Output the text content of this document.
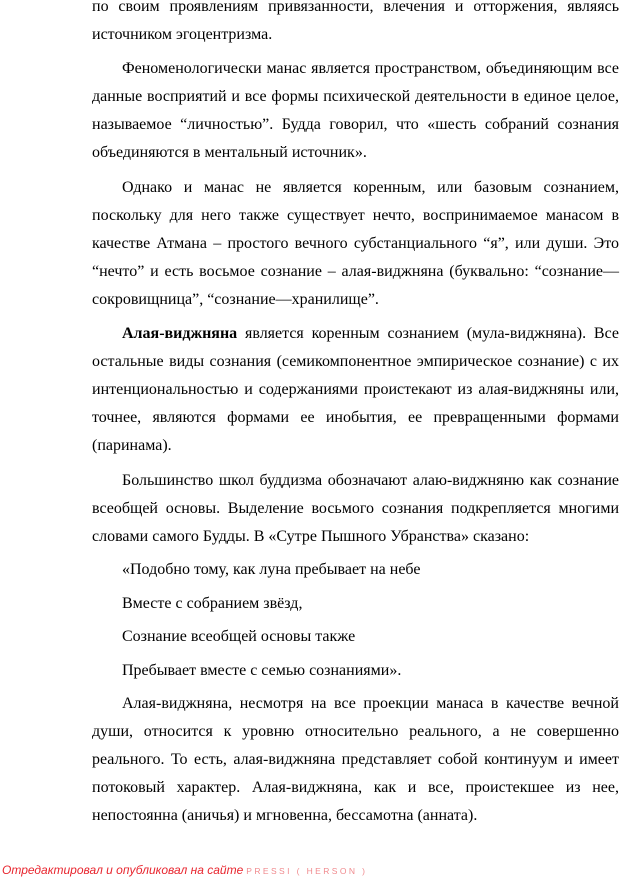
по своим проявлениям привязанности, влечения и отторжения, являясь источником эгоцентризма.

Феноменологически манас является пространством, объединяющим все данные восприятий и все формы психической деятельности в единое целое, называемое “личностью”. Будда говорил, что «шесть собраний сознания объединяются в ментальный источник».

Однако и манас не является коренным, или базовым сознанием, поскольку для него также существует нечто, воспринимаемое манасом в качестве Атмана – простого вечного субстанциального “я”, или души. Это “нечто” и есть восьмое сознание – алая-виджняна (буквально: “сознание—сокровищница”, “сознание—хранилище”.

Алая-виджняна является коренным сознанием (мула-виджняна). Все остальные виды сознания (семикомпонентное эмпирическое сознание) с их интенциональностью и содержаниями проистекают из алая-виджняны или, точнее, являются формами ее инобытия, ее превращенными формами (паринама).

Большинство школ буддизма обозначают алаю-виджняню как сознание всеобщей основы. Выделение восьмого сознания подкрепляется многими словами самого Будды. В «Сутре Пышного Убранства» сказано:

«Подобно тому, как луна пребывает на небе

Вместе с собранием звёзд,

Сознание всеобщей основы также

Пребывает вместе с семью сознаниями».

Алая-виджняна, несмотря на все проекции манаса в качестве вечной души, относится к уровню относительно реального, а не совершенно реального. То есть, алая-виджняна представляет собой континуум и имеет потоковый характер. Алая-виджняна, как и все, проистекшее из нее, непостоянна (аничья) и мгновенна, бессамотна (анната).

Отредактировал и опубликовал на сайте PRESSI ( HERSON )
